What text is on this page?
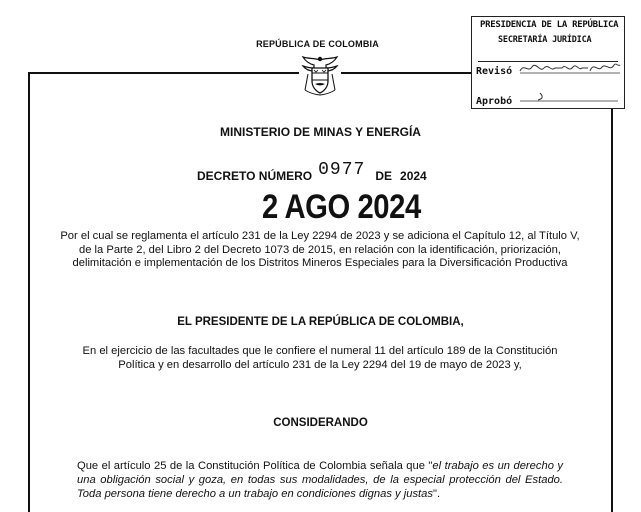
REPÚBLICA DE COLOMBIA
PRESIDENCIA DE LA REPÚBLICA
SECRETARÍA JURÍDICA
Revisó
Aprobó
MINISTERIO DE MINAS Y ENERGÍA
DECRETO NÚMERO 0977 DE 2024
2 AGO 2024
Por el cual se reglamenta el artículo 231 de la Ley 2294 de 2023 y se adiciona el Capítulo 12, al Título V, de la Parte 2, del Libro 2 del Decreto 1073 de 2015, en relación con la identificación, priorización, delimitación e implementación de los Distritos Mineros Especiales para la Diversificación Productiva
EL PRESIDENTE DE LA REPÚBLICA DE COLOMBIA,
En el ejercicio de las facultades que le confiere el numeral 11 del artículo 189 de la Constitución Política y en desarrollo del artículo 231 de la Ley 2294 del 19 de mayo de 2023 y,
CONSIDERANDO
Que el artículo 25 de la Constitución Política de Colombia señala que "el trabajo es un derecho y una obligación social y goza, en todas sus modalidades, de la especial protección del Estado. Toda persona tiene derecho a un trabajo en condiciones dignas y justas".
